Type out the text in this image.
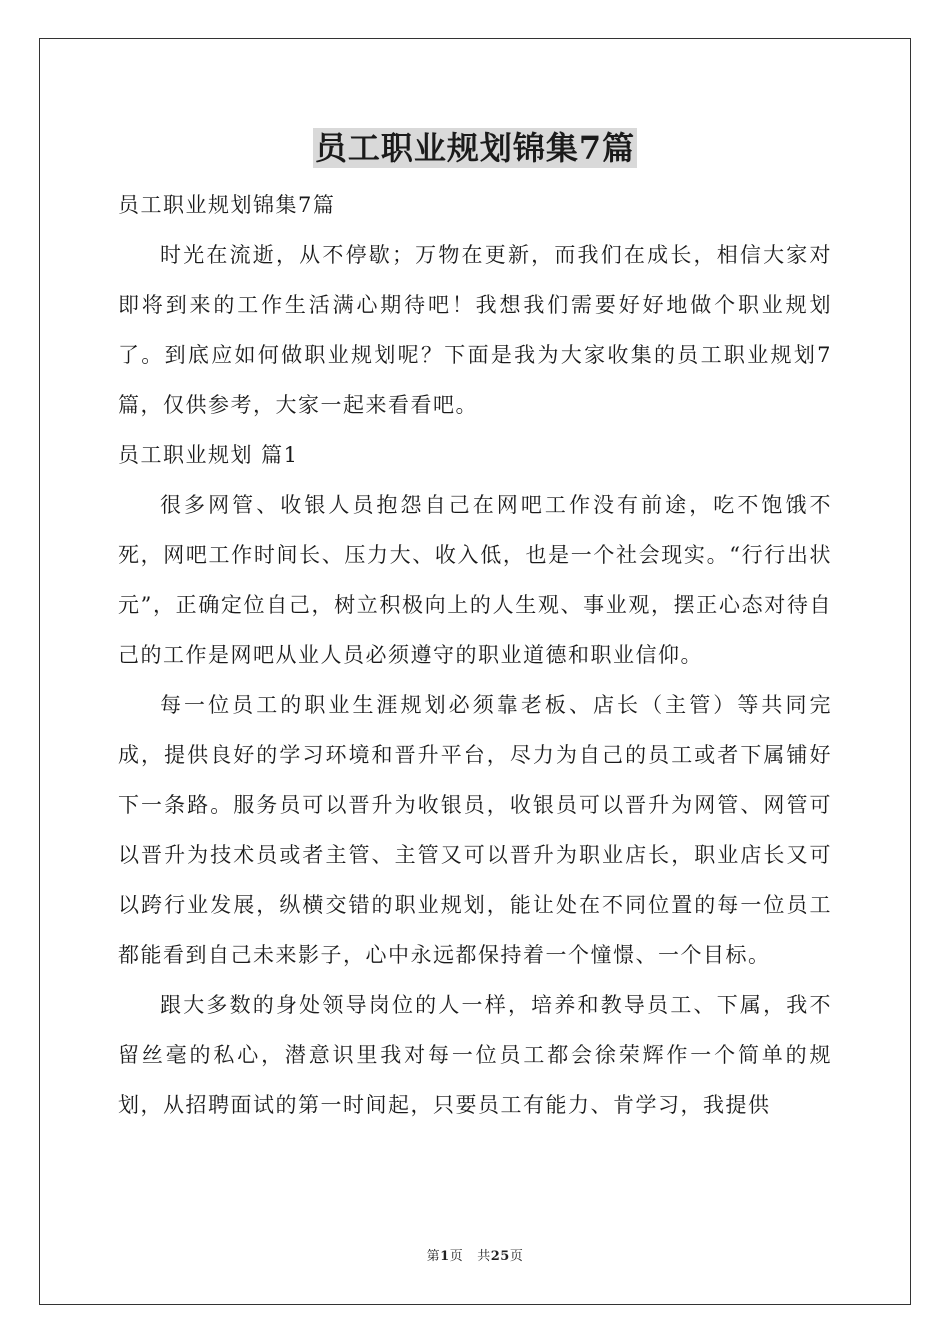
员工职业规划锦集7篇

员工职业规划锦集7篇

时光在流逝，从不停歇；万物在更新，而我们在成长，相信大家对即将到来的工作生活满心期待吧！我想我们需要好好地做个职业规划了。到底应如何做职业规划呢？下面是我为大家收集的员工职业规划7篇，仅供参考，大家一起来看看吧。

员工职业规划 篇1

很多网管、收银人员抱怨自己在网吧工作没有前途，吃不饱饿不死，网吧工作时间长、压力大、收入低，也是一个社会现实。“行行出状元”，正确定位自己，树立积极向上的人生观、事业观，摆正心态对待自己的工作是网吧从业人员必须遵守的职业道德和职业信仰。

每一位员工的职业生涯规划必须靠老板、店长（主管）等共同完成，提供良好的学习环境和晋升平台，尽力为自己的员工或者下属铺好下一条路。服务员可以晋升为收银员，收银员可以晋升为网管、网管可以晋升为技术员或者主管、主管又可以晋升为职业店长，职业店长又可以跨行业发展，纵横交错的职业规划，能让处在不同位置的每一位员工都能看到自己未来影子，心中永远都保持着一个憧憬、一个目标。

跟大多数的身处领导岗位的人一样，培养和教导员工、下属，我不留丝毫的私心，潜意识里我对每一位员工都会徐荣辉作一个简单的规划，从招聘面试的第一时间起，只要员工有能力、肯学习，我提供

第1页 共25页
